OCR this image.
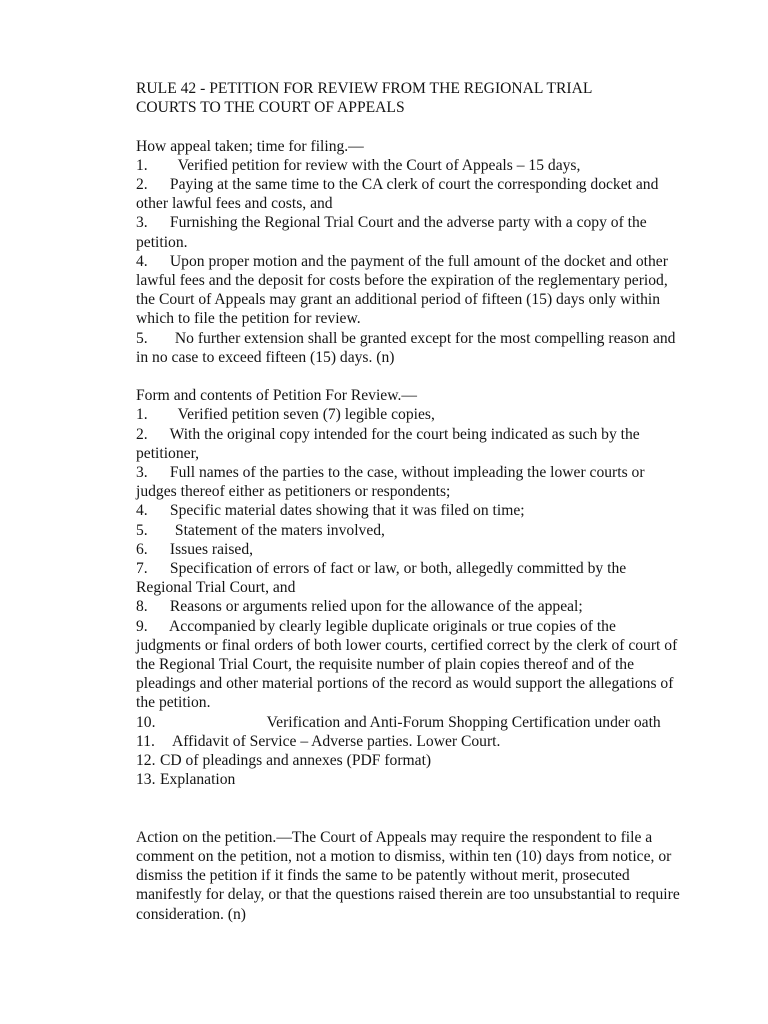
RULE 42 - PETITION FOR REVIEW FROM THE REGIONAL TRIAL
COURTS TO THE COURT OF APPEALS
How appeal taken; time for filing.—
1. Verified petition for review with the Court of Appeals – 15 days,
2. Paying at the same time to the CA clerk of court the corresponding docket and other lawful fees and costs, and
3. Furnishing the Regional Trial Court and the adverse party with a copy of the petition.
4. Upon proper motion and the payment of the full amount of the docket and other lawful fees and the deposit for costs before the expiration of the reglementary period, the Court of Appeals may grant an additional period of fifteen (15) days only within which to file the petition for review.
5. No further extension shall be granted except for the most compelling reason and in no case to exceed fifteen (15) days. (n)
Form and contents of Petition For Review.—
1. Verified petition seven (7) legible copies,
2. With the original copy intended for the court being indicated as such by the petitioner,
3. Full names of the parties to the case, without impleading the lower courts or judges thereof either as petitioners or respondents;
4. Specific material dates showing that it was filed on time;
5. Statement of the maters involved,
6. Issues raised,
7. Specification of errors of fact or law, or both, allegedly committed by the Regional Trial Court, and
8. Reasons or arguments relied upon for the allowance of the appeal;
9. Accompanied by clearly legible duplicate originals or true copies of the judgments or final orders of both lower courts, certified correct by the clerk of court of the Regional Trial Court, the requisite number of plain copies thereof and of the pleadings and other material portions of the record as would support the allegations of the petition.
10.	Verification and Anti-Forum Shopping Certification under oath
11. Affidavit of Service – Adverse parties. Lower Court.
12. CD of pleadings and annexes (PDF format)
13. Explanation

Action on the petition.—The Court of Appeals may require the respondent to file a comment on the petition, not a motion to dismiss, within ten (10) days from notice, or dismiss the petition if it finds the same to be patently without merit, prosecuted manifestly for delay, or that the questions raised therein are too unsubstantial to require consideration. (n)
